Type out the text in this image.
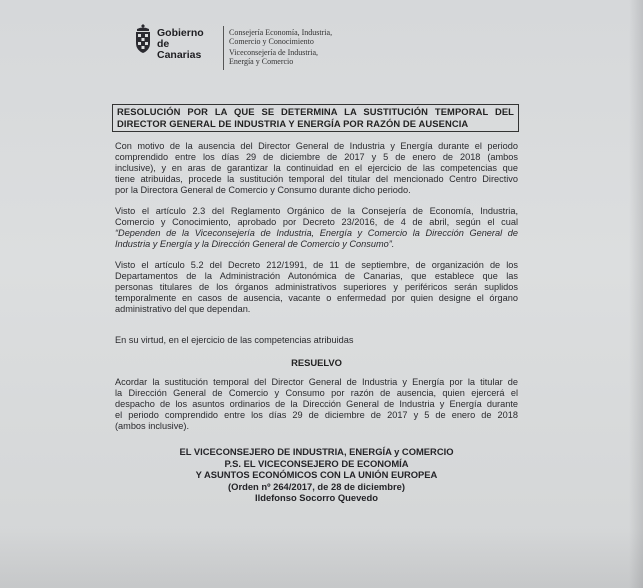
Gobierno
de Canarias
Consejería Economía, Industria,
Comercio y Conocimiento
Viceconsejería de Industria,
Energía y Comercio
RESOLUCIÓN POR LA QUE SE DETERMINA LA SUSTITUCIÓN TEMPORAL DEL
DIRECTOR GENERAL DE INDUSTRIA Y ENERGÍA POR RAZÓN DE AUSENCIA
Con motivo de la ausencia del Director General de Industria y Energía durante el periodo
comprendido entre los días 29 de diciembre de 2017 y 5 de enero de 2018 (ambos
inclusive), y en aras de garantizar la continuidad en el ejercicio de las competencias que
tiene atribuidas, procede la sustitución temporal del titular del mencionado Centro Directivo
por la Directora General de Comercio y Consumo durante dicho periodo.
Visto el artículo 2.3 del Reglamento Orgánico de la Consejería de Economía, Industria,
Comercio y Conocimiento, aprobado por Decreto 23/2016, de 4 de abril, según el cual
“Dependen de la Viceconsejería de Industria, Energía y Comercio la Dirección General de
Industria y Energía y la Dirección General de Comercio y Consumo”.
Visto el artículo 5.2 del Decreto 212/1991, de 11 de septiembre, de organización de los
Departamentos de la Administración Autonómica de Canarias, que establece que las
personas titulares de los órganos administrativos superiores y periféricos serán suplidos
temporalmente en casos de ausencia, vacante o enfermedad por quien designe el órgano
administrativo del que dependan.
En su virtud, en el ejercicio de las competencias atribuidas
RESUELVO
Acordar la sustitución temporal del Director General de Industria y Energía por la titular de
la Dirección General de Comercio y Consumo por razón de ausencia, quien ejercerá el
despacho de los asuntos ordinarios de la Dirección General de Industria y Energía durante
el periodo comprendido entre los días 29 de diciembre de 2017 y 5 de enero de 2018
(ambos inclusive).
EL VICECONSEJERO DE INDUSTRIA, ENERGÍA y COMERCIO
P.S. EL VICECONSEJERO DE ECONOMÍA
Y ASUNTOS ECONÓMICOS CON LA UNIÓN EUROPEA
(Orden nº 264/2017, de 28 de diciembre)
Ildefonso Socorro Quevedo
